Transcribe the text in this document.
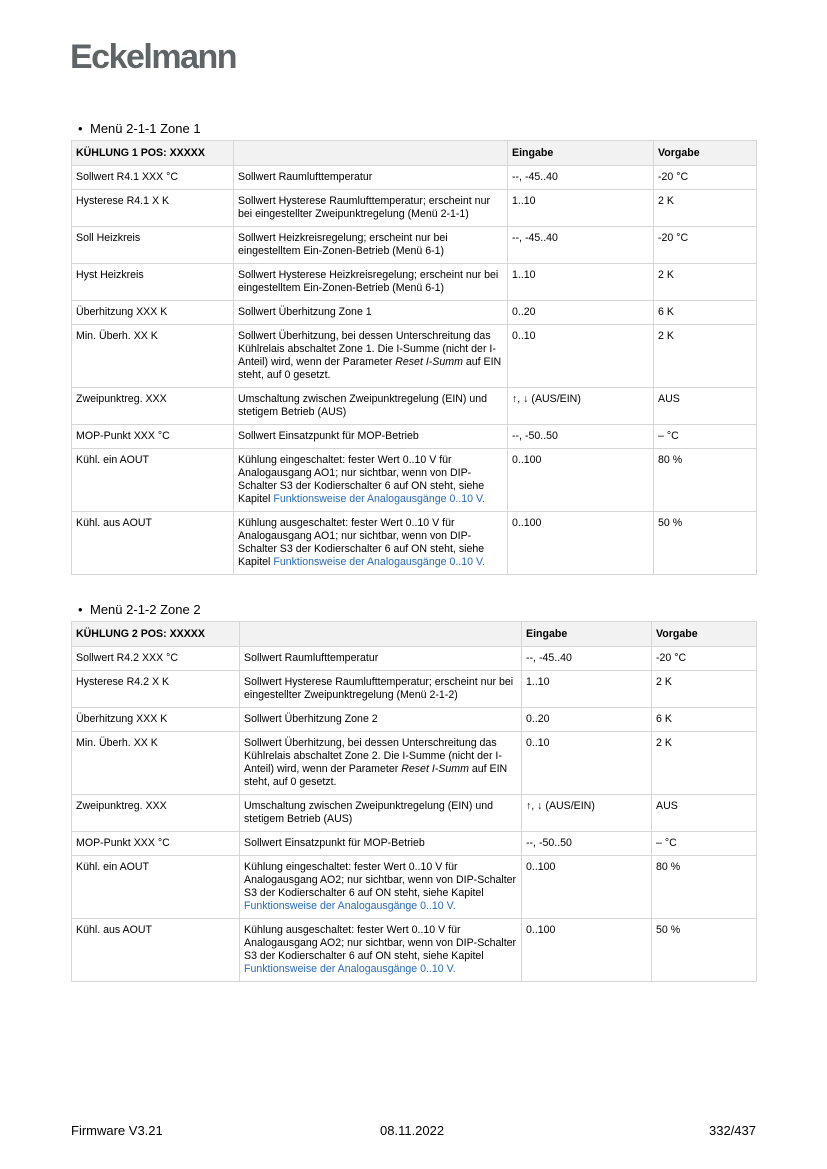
Eckelmann
• Menü 2-1-1 Zone 1
KÜHLUNG 1 POS: XXXXX		Eingabe	Vorgabe
Sollwert R4.1 XXX °C	Sollwert Raumlufttemperatur	--, -45..40	-20 °C
Hysterese R4.1 X K	Sollwert Hysterese Raumlufttemperatur; erscheint nur bei eingestellter Zweipunktregelung (Menü 2-1-1)	1..10	2 K
Soll Heizkreis	Sollwert Heizkreisregelung; erscheint nur bei eingestelltem Ein-Zonen-Betrieb (Menü 6-1)	--, -45..40	-20 °C
Hyst Heizkreis	Sollwert Hysterese Heizkreisregelung; erscheint nur bei eingestelltem Ein-Zonen-Betrieb (Menü 6-1)	1..10	2 K
Überhitzung XXX K	Sollwert Überhitzung Zone 1	0..20	6 K
Min. Überh. XX K	Sollwert Überhitzung, bei dessen Unterschreitung das Kühlrelais abschaltet Zone 1. Die I-Summe (nicht der I-Anteil) wird, wenn der Parameter Reset I-Summ auf EIN steht, auf 0 gesetzt.	0..10	2 K
Zweipunktreg. XXX	Umschaltung zwischen Zweipunktregelung (EIN) und stetigem Betrieb (AUS)	↑, ↓ (AUS/EIN)	AUS
MOP-Punkt XXX °C	Sollwert Einsatzpunkt für MOP-Betrieb	--, -50..50	– °C
Kühl. ein AOUT	Kühlung eingeschaltet: fester Wert 0..10 V für Analogausgang AO1; nur sichtbar, wenn von DIP-Schalter S3 der Kodierschalter 6 auf ON steht, siehe Kapitel Funktionsweise der Analogausgänge 0..10 V.	0..100	80 %
Kühl. aus AOUT	Kühlung ausgeschaltet: fester Wert 0..10 V für Analogausgang AO1; nur sichtbar, wenn von DIP-Schalter S3 der Kodierschalter 6 auf ON steht, siehe Kapitel Funktionsweise der Analogausgänge 0..10 V.	0..100	50 %
• Menü 2-1-2 Zone 2
KÜHLUNG 2 POS: XXXXX		Eingabe	Vorgabe
Sollwert R4.2 XXX °C	Sollwert Raumlufttemperatur	--, -45..40	-20 °C
Hysterese R4.2 X K	Sollwert Hysterese Raumlufttemperatur; erscheint nur bei eingestellter Zweipunktregelung (Menü 2-1-2)	1..10	2 K
Überhitzung XXX K	Sollwert Überhitzung Zone 2	0..20	6 K
Min. Überh. XX K	Sollwert Überhitzung, bei dessen Unterschreitung das Kühlrelais abschaltet Zone 2. Die I-Summe (nicht der I-Anteil) wird, wenn der Parameter Reset I-Summ auf EIN steht, auf 0 gesetzt.	0..10	2 K
Zweipunktreg. XXX	Umschaltung zwischen Zweipunktregelung (EIN) und stetigem Betrieb (AUS)	↑, ↓ (AUS/EIN)	AUS
MOP-Punkt XXX °C	Sollwert Einsatzpunkt für MOP-Betrieb	--, -50..50	– °C
Kühl. ein AOUT	Kühlung eingeschaltet: fester Wert 0..10 V für Analogausgang AO2; nur sichtbar, wenn von DIP-Schalter S3 der Kodierschalter 6 auf ON steht, siehe Kapitel Funktionsweise der Analogausgänge 0..10 V.	0..100	80 %
Kühl. aus AOUT	Kühlung ausgeschaltet: fester Wert 0..10 V für Analogausgang AO2; nur sichtbar, wenn von DIP-Schalter S3 der Kodierschalter 6 auf ON steht, siehe Kapitel Funktionsweise der Analogausgänge 0..10 V.	0..100	50 %
Firmware V3.21	08.11.2022	332/437
